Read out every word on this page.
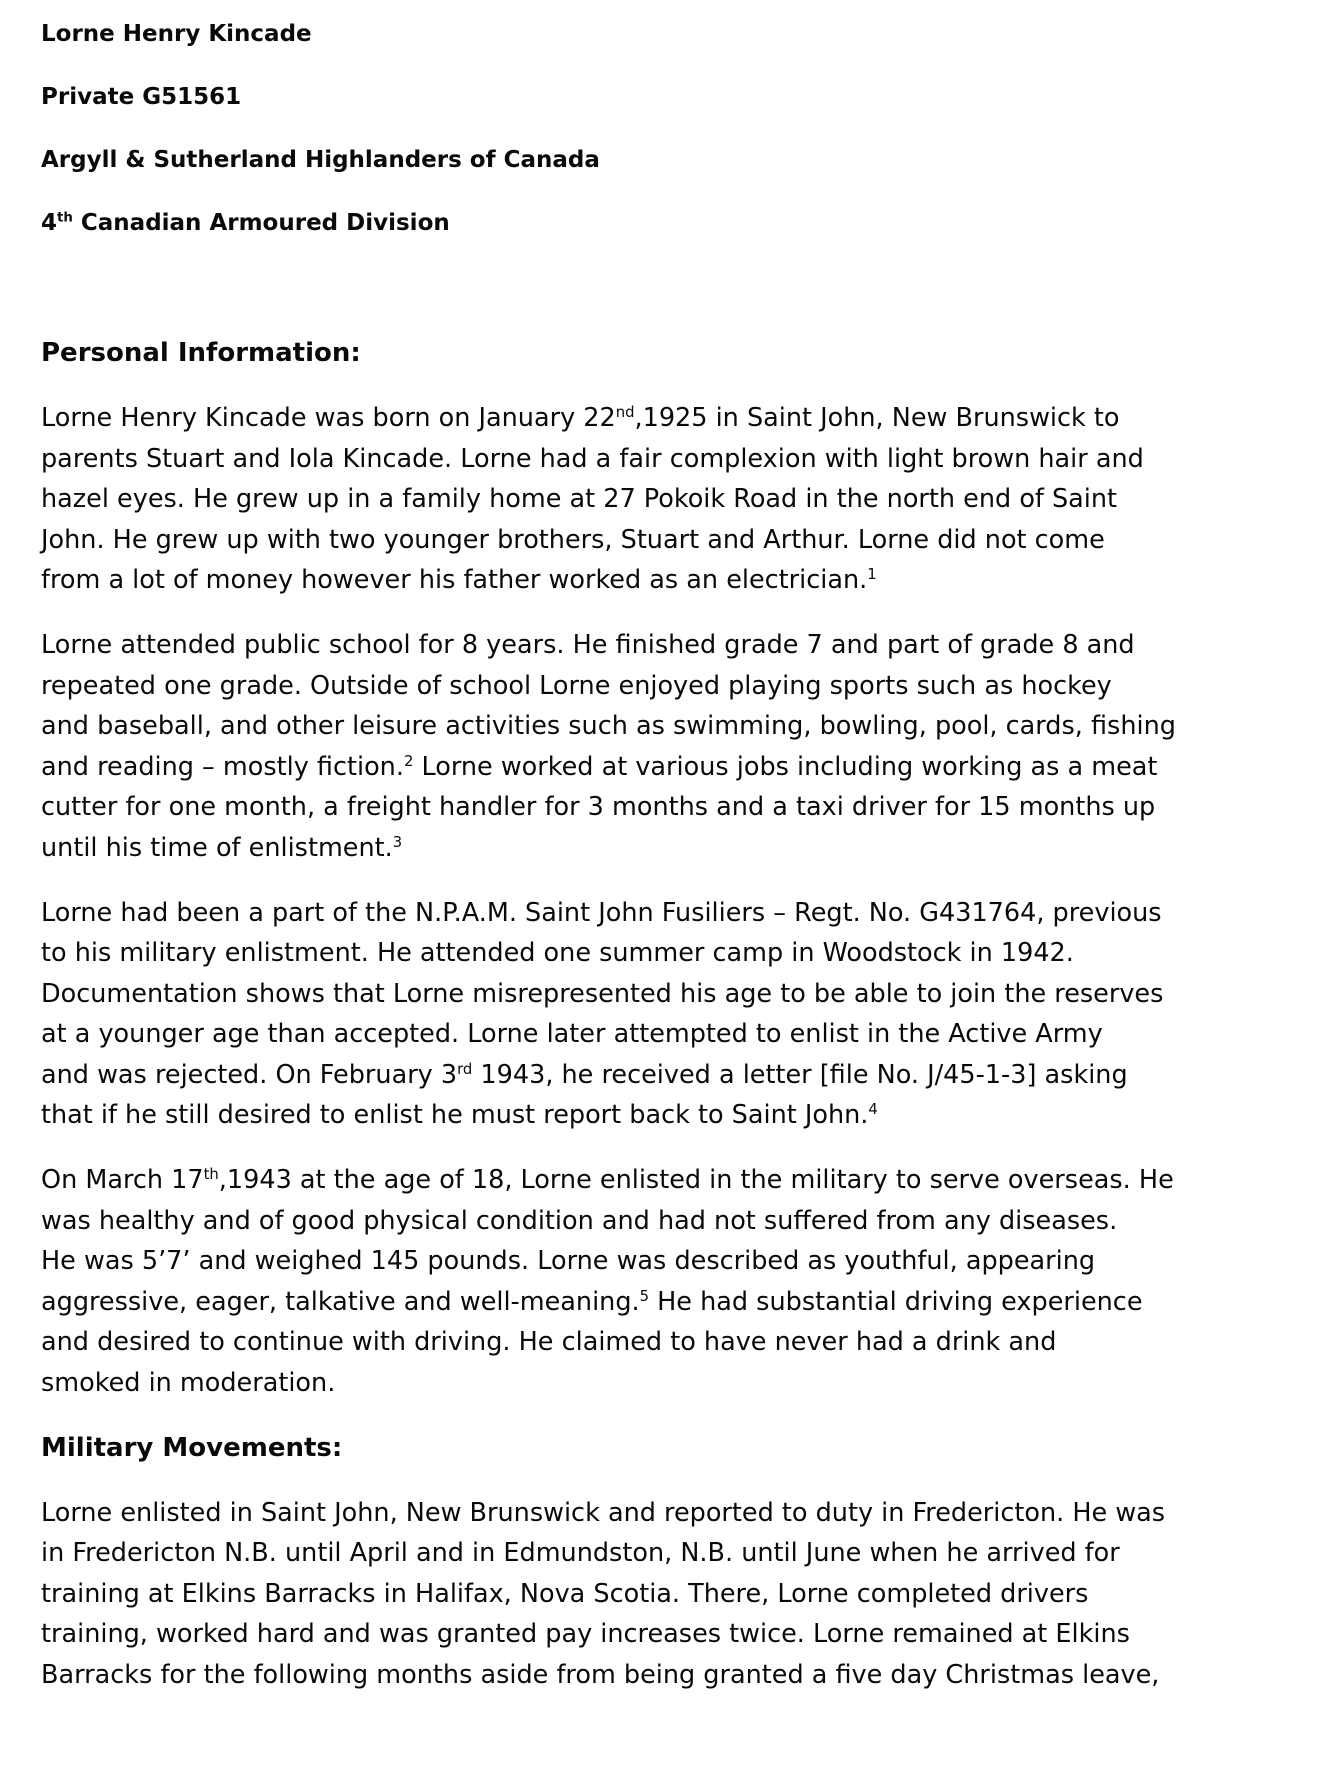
Lorne Henry Kincade
Private G51561
Argyll & Sutherland Highlanders of Canada
4th Canadian Armoured Division
Personal Information:
Lorne Henry Kincade was born on January 22nd,1925 in Saint John, New Brunswick to
parents Stuart and Iola Kincade. Lorne had a fair complexion with light brown hair and
hazel eyes. He grew up in a family home at 27 Pokoik Road in the north end of Saint
John. He grew up with two younger brothers, Stuart and Arthur. Lorne did not come
from a lot of money however his father worked as an electrician.$^1$
Lorne attended public school for 8 years. He finished grade 7 and part of grade 8 and
repeated one grade. Outside of school Lorne enjoyed playing sports such as hockey
and baseball, and other leisure activities such as swimming, bowling, pool, cards, fishing
and reading – mostly fiction.$^2$ Lorne worked at various jobs including working as a meat
cutter for one month, a freight handler for 3 months and a taxi driver for 15 months up
until his time of enlistment.$^3$
Lorne had been a part of the N.P.A.M. Saint John Fusiliers – Regt. No. G431764, previous
to his military enlistment. He attended one summer camp in Woodstock in 1942.
Documentation shows that Lorne misrepresented his age to be able to join the reserves
at a younger age than accepted. Lorne later attempted to enlist in the Active Army
and was rejected. On February 3rd 1943, he received a letter [file No. J/45-1-3] asking
that if he still desired to enlist he must report back to Saint John.$^4$
On March 17th,1943 at the age of 18, Lorne enlisted in the military to serve overseas. He
was healthy and of good physical condition and had not suffered from any diseases.
He was 5’7’ and weighed 145 pounds. Lorne was described as youthful, appearing
aggressive, eager, talkative and well-meaning.$^5$ He had substantial driving experience
and desired to continue with driving. He claimed to have never had a drink and
smoked in moderation.
Military Movements:
Lorne enlisted in Saint John, New Brunswick and reported to duty in Fredericton. He was
in Fredericton N.B. until April and in Edmundston, N.B. until June when he arrived for
training at Elkins Barracks in Halifax, Nova Scotia. There, Lorne completed drivers
training, worked hard and was granted pay increases twice. Lorne remained at Elkins
Barracks for the following months aside from being granted a five day Christmas leave,
